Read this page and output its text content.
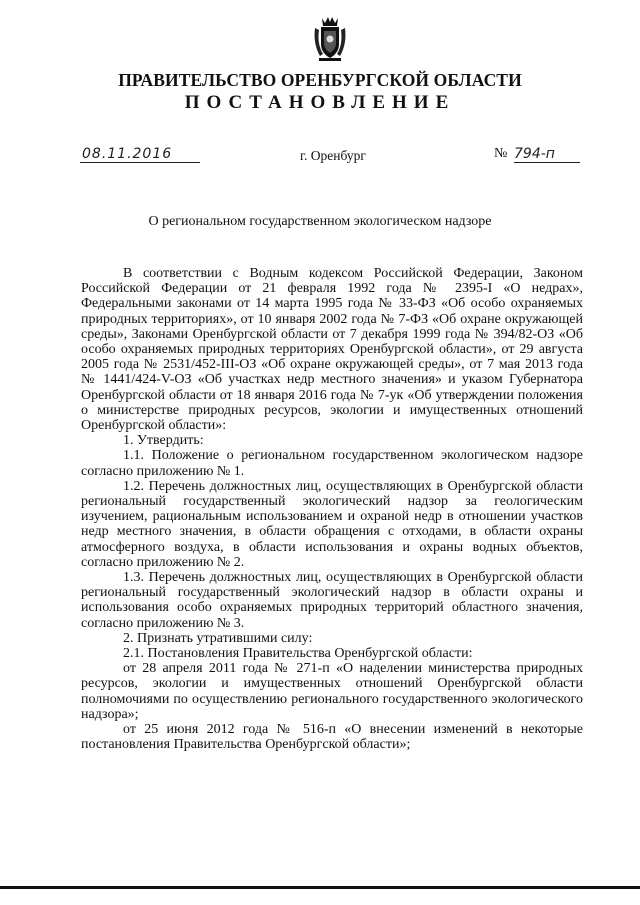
ПРАВИТЕЛЬСТВО ОРЕНБУРГСКОЙ ОБЛАСТИ
ПОСТАНОВЛЕНИЕ
08.11.2016	г. Оренбург	№ 794-п
О региональном государственном экологическом надзоре

В соответствии с Водным кодексом Российской Федерации, Законом Российской Федерации от 21 февраля 1992 года № 2395-I «О недрах», Федеральными законами от 14 марта 1995 года № 33-ФЗ «Об особо охраняемых природных территориях», от 10 января 2002 года № 7-ФЗ «Об охране окружающей среды», Законами Оренбургской области от 7 декабря 1999 года № 394/82-ОЗ «Об особо охраняемых природных территориях Оренбургской области», от 29 августа 2005 года № 2531/452-III-ОЗ «Об охране окружающей среды», от 7 мая 2013 года № 1441/424-V-ОЗ «Об участках недр местного значения» и указом Губернатора Оренбургской области от 18 января 2016 года № 7-ук «Об утверждении положения о министерстве природных ресурсов, экологии и имущественных отношений Оренбургской области»:

1. Утвердить:

1.1. Положение о региональном государственном экологическом надзоре согласно приложению № 1.

1.2. Перечень должностных лиц, осуществляющих в Оренбургской области региональный государственный экологический надзор за геологическим изучением, рациональным использованием и охраной недр в отношении участков недр местного значения, в области обращения с отходами, в области охраны атмосферного воздуха, в области использования и охраны водных объектов, согласно приложению № 2.

1.3. Перечень должностных лиц, осуществляющих в Оренбургской области региональный государственный экологический надзор в области охраны и использования особо охраняемых природных территорий областного значения, согласно приложению № 3.

2. Признать утратившими силу:

2.1. Постановления Правительства Оренбургской области:

от 28 апреля 2011 года № 271-п «О наделении министерства природных ресурсов, экологии и имущественных отношений Оренбургской области полномочиями по осуществлению регионального государственного экологического надзора»;

от 25 июня 2012 года № 516-п «О внесении изменений в некоторые постановления Правительства Оренбургской области»;
